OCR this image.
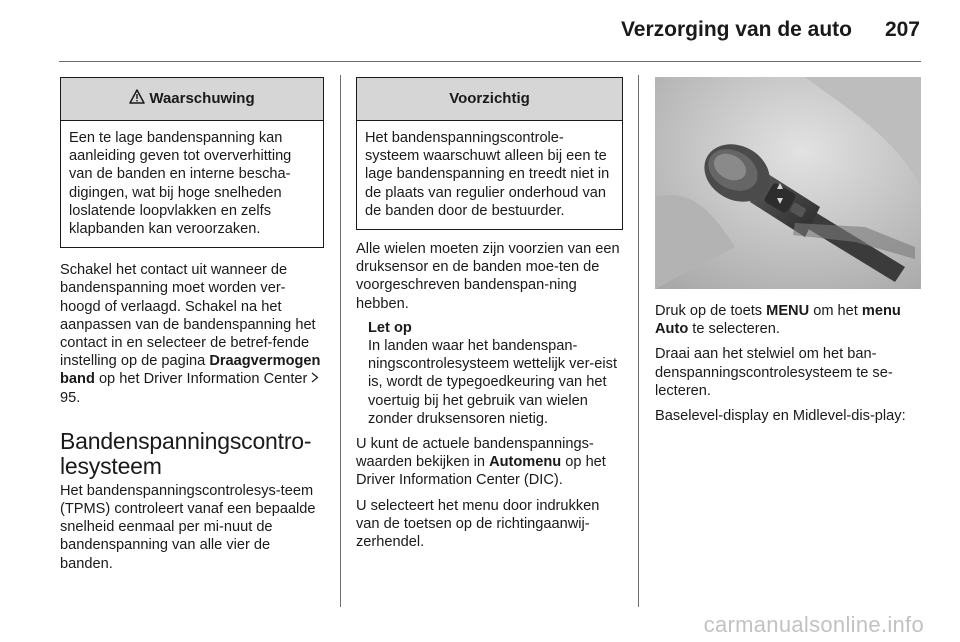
Verzorging van de auto 207
Waarschuwing
Een te lage bandenspanning kan aanleiding geven tot oververhitting van de banden en interne bescha-digingen, wat bij hoge snelheden loslatende loopvlakken en zelfs klapbanden kan veroorzaken.

Schakel het contact uit wanneer de bandenspanning moet worden ver-hoogd of verlaagd. Schakel na het aanpassen van de bandenspanning het contact in en selecteer de betref-fende instelling op de pagina Draagvermogen band op het Driver Information Center  95.

Bandenspanningscontro-lesysteem

Het bandenspanningscontrolesys-teem (TPMS) controleert vanaf een bepaalde snelheid eenmaal per mi-nuut de bandenspanning van alle vier de banden.

Voorzichtig
Het bandenspanningscontrole-systeem waarschuwt alleen bij een te lage bandenspanning en treedt niet in de plaats van regulier onderhoud van de banden door de bestuurder.

Alle wielen moeten zijn voorzien van een druksensor en de banden moe-ten de voorgeschreven bandenspan-ning hebben.

Let op
In landen waar het bandenspan-ningscontrolesysteem wettelijk ver-eist is, wordt de typegoedkeuring van het voertuig bij het gebruik van wielen zonder druksensoren nietig.

U kunt de actuele bandenspannings-waarden bekijken in Automenu op het Driver Information Center (DIC).

U selecteert het menu door indrukken van de toetsen op de richtingaanwij-zerhendel.

Druk op de toets MENU om het menu Auto te selecteren.

Draai aan het stelwiel om het ban-denspanningscontrolesysteem te se-lecteren.

Baselevel-display en Midlevel-dis-play:

carmanualsonline.info
